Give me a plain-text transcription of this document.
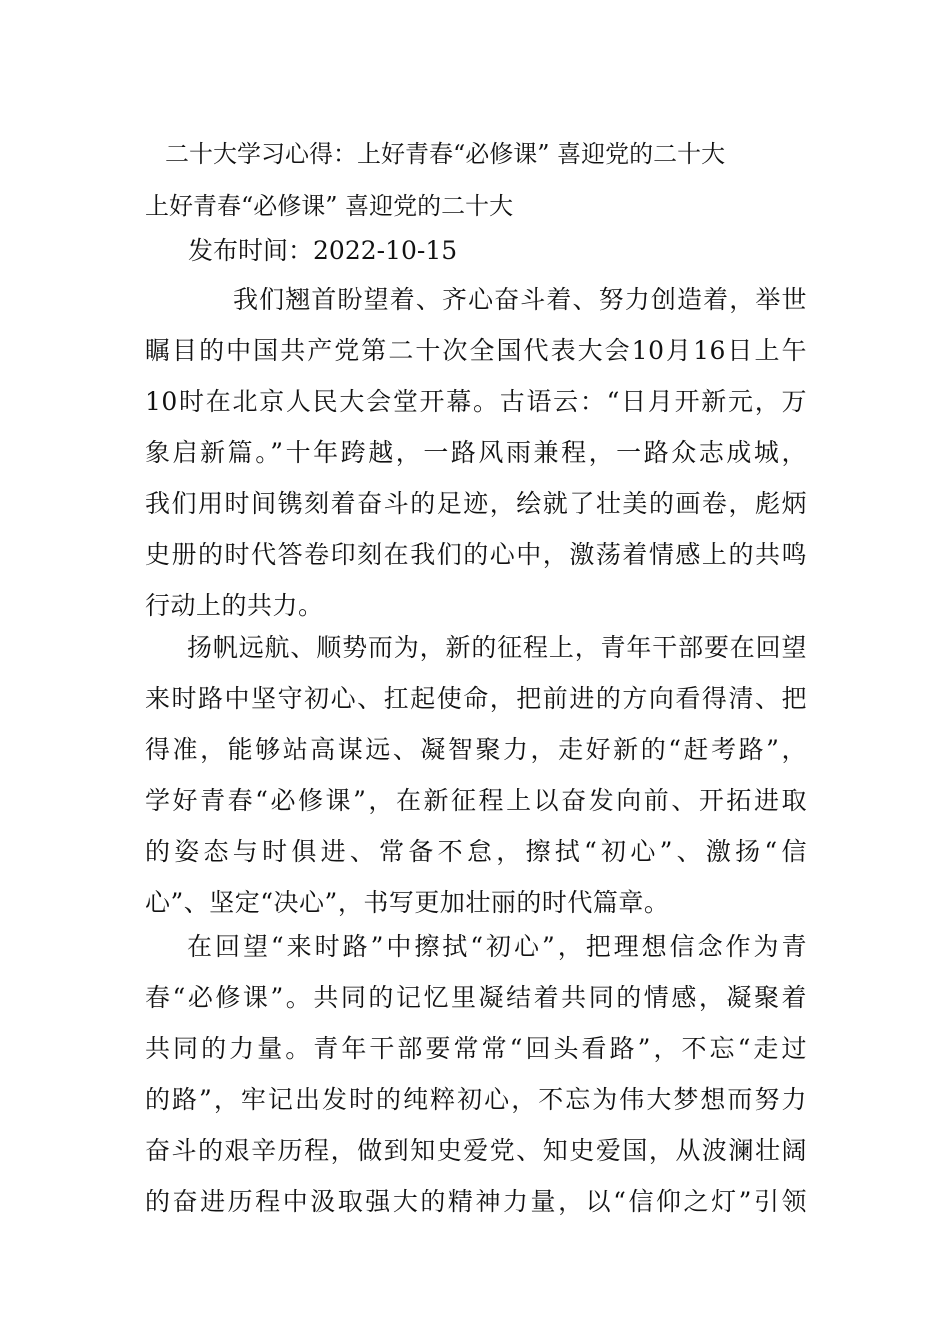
二十大学习心得：上好青春“必修课” 喜迎党的二十大
上好青春“必修课” 喜迎党的二十大
发布时间：2022-10-15
我们翘首盼望着、齐心奋斗着、努力创造着，举世
瞩目的中国共产党第二十次全国代表大会10月16日上午
10时在北京人民大会堂开幕。古语云：“日月开新元，万
象启新篇。”十年跨越，一路风雨兼程，一路众志成城，
我们用时间镌刻着奋斗的足迹，绘就了壮美的画卷，彪炳
史册的时代答卷印刻在我们的心中，激荡着情感上的共鸣
行动上的共力。
扬帆远航、顺势而为，新的征程上，青年干部要在回望
来时路中坚守初心、扛起使命，把前进的方向看得清、把
得准，能够站高谋远、凝智聚力，走好新的“赶考路”，
学好青春“必修课”，在新征程上以奋发向前、开拓进取
的姿态与时俱进、常备不怠，擦拭“初心”、激扬“信
心”、坚定“决心”，书写更加壮丽的时代篇章。
在回望“来时路”中擦拭“初心”，把理想信念作为青
春“必修课”。共同的记忆里凝结着共同的情感，凝聚着
共同的力量。青年干部要常常“回头看路”，不忘“走过
的路”，牢记出发时的纯粹初心，不忘为伟大梦想而努力
奋斗的艰辛历程，做到知史爱党、知史爱国，从波澜壮阔
的奋进历程中汲取强大的精神力量，以“信仰之灯”引领
